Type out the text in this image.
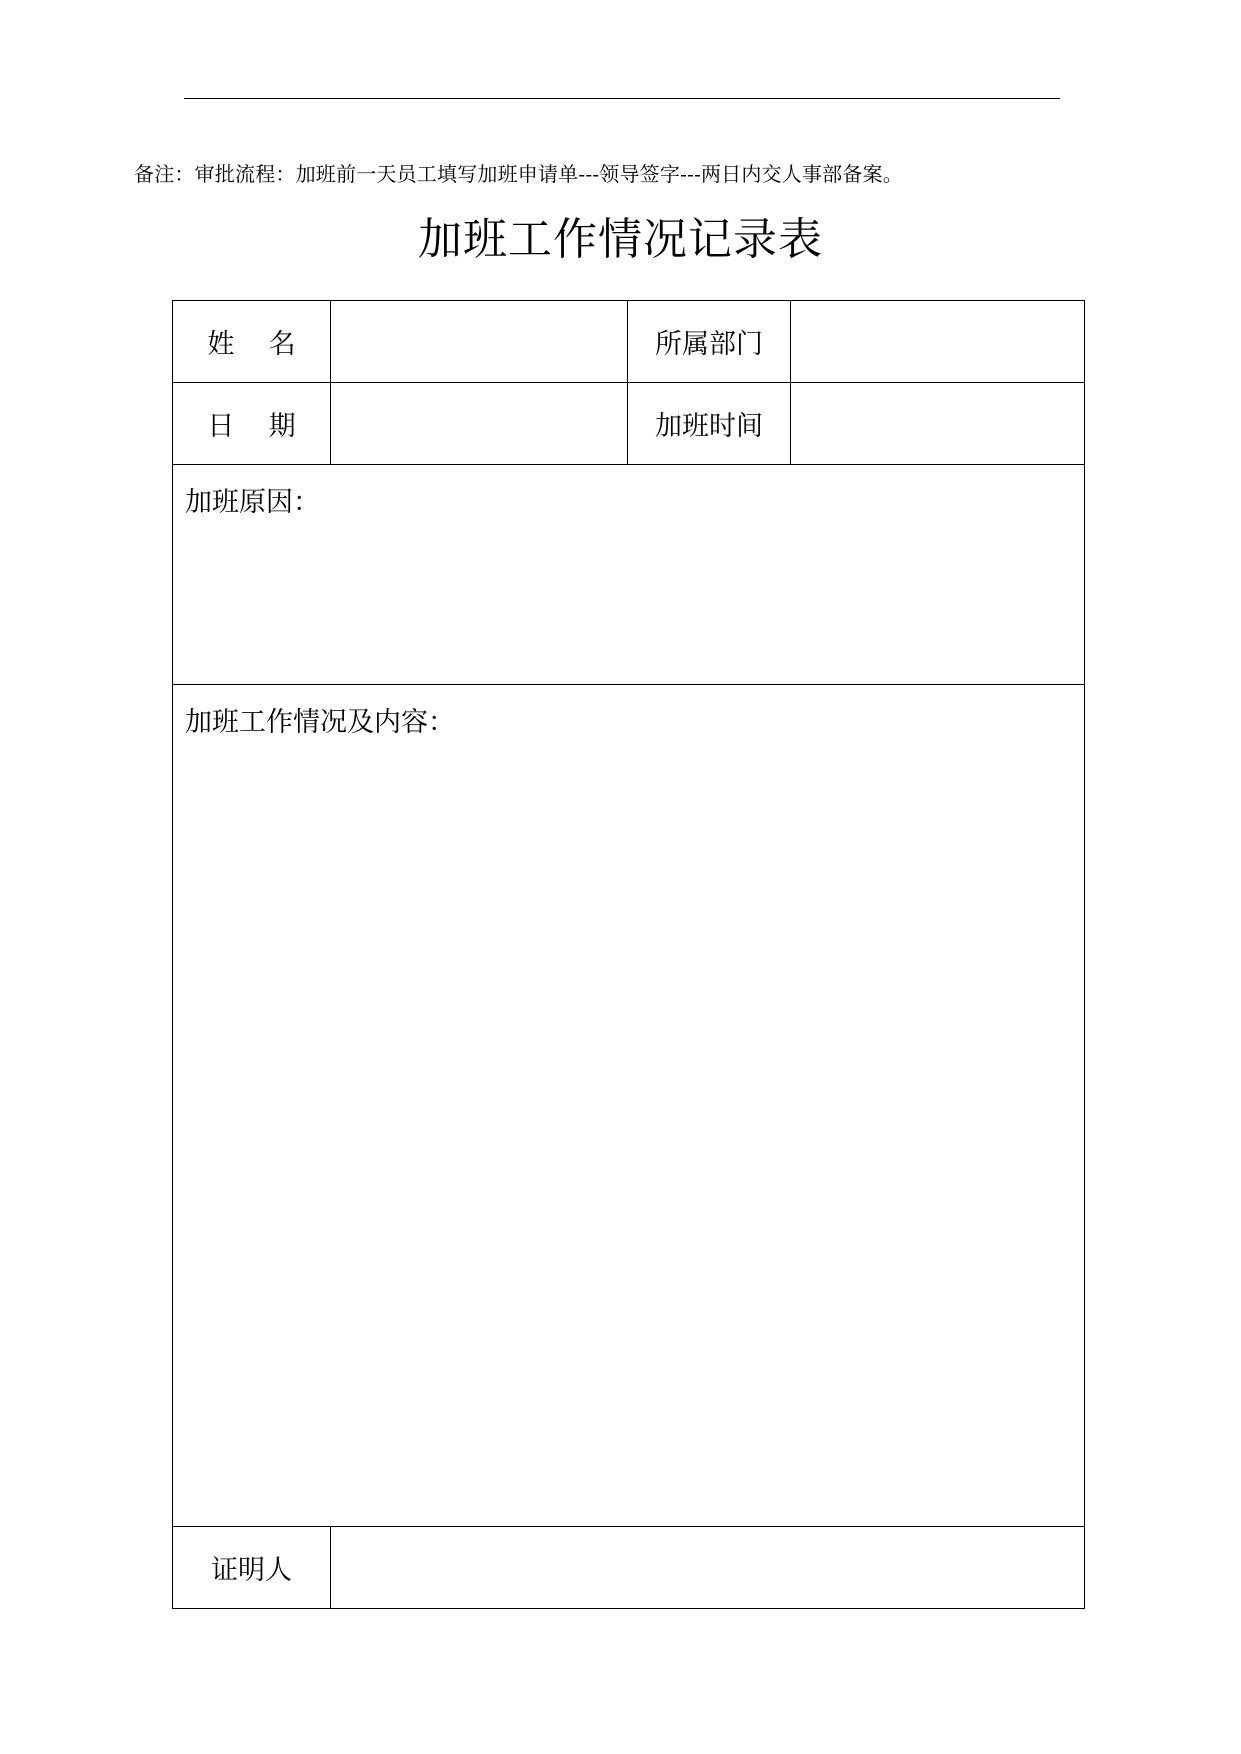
备注：审批流程：加班前一天员工填写加班申请单---领导签字---两日内交人事部备案。
加班工作情况记录表
姓    名		所属部门	
日    期		加班时间	

加班原因：			

加班工作情况及内容：			

证明人			
